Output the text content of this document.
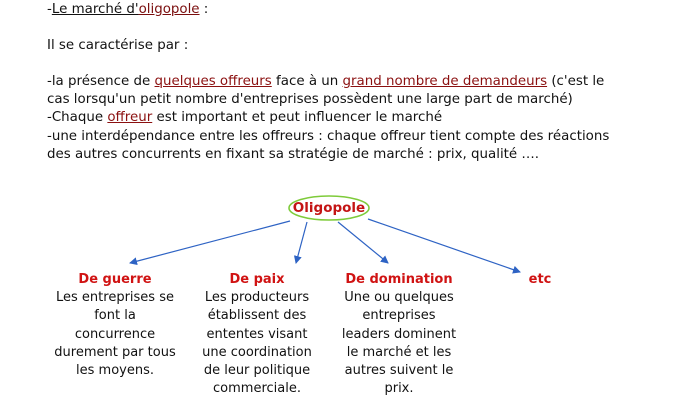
-Le marché d'oligopole :

Il se caractérise par :

-la présence de quelques offreurs face à un grand nombre de demandeurs (c'est le

cas lorsqu'un petit nombre d'entreprises possèdent une large part de marché)

-Chaque offreur est important et peut influencer le marché

-une interdépendance entre les offreurs : chaque offreur tient compte des réactions

des autres concurrents en fixant sa stratégie de marché : prix, qualité ….

Oligopole
De guerre
Les entreprises se
font la
concurrence
durement par tous
les moyens.
De paix
Les producteurs
établissent des
ententes visant
une coordination
de leur politique
commerciale.
De domination
Une ou quelques
entreprises
leaders dominent
le marché et les
autres suivent le
prix.
etc
